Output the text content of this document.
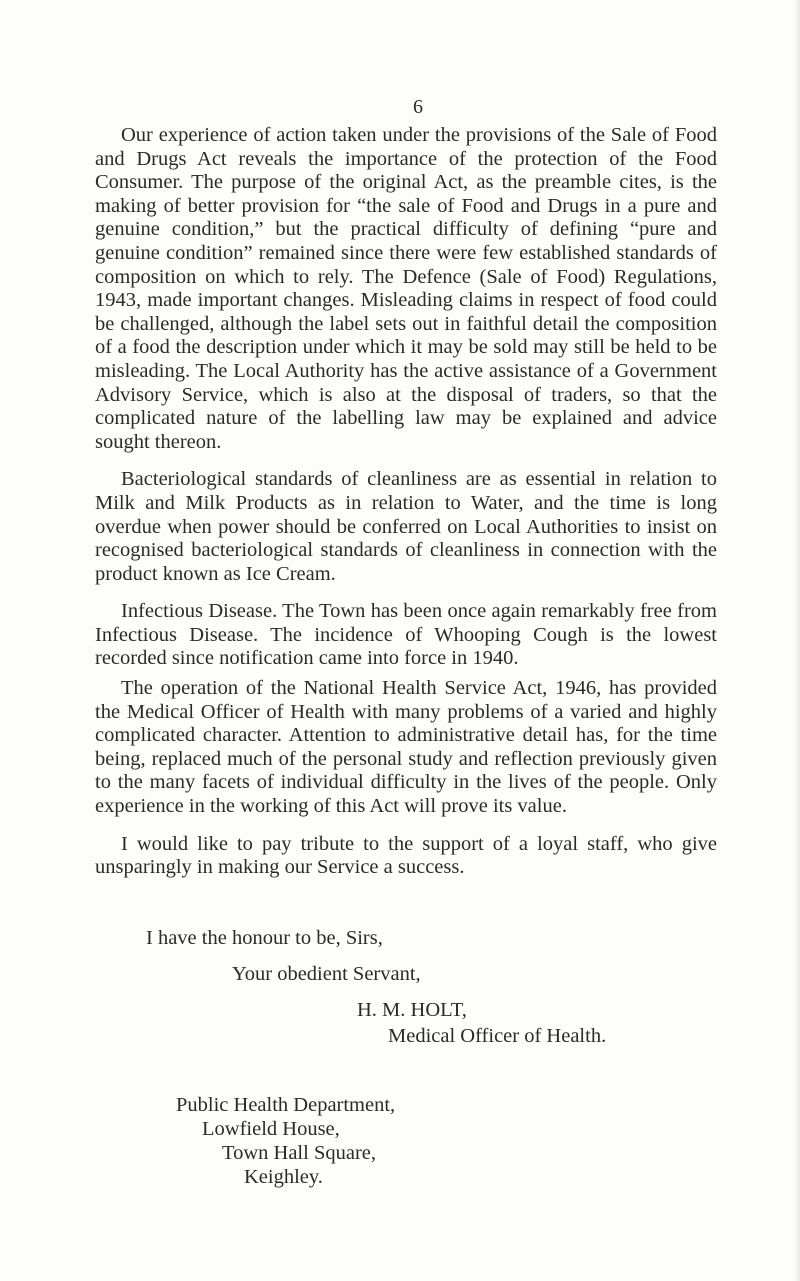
6

Our experience of action taken under the provisions of the Sale of Food and Drugs Act reveals the importance of the protection of the Food Consumer. The purpose of the original Act, as the preamble cites, is the making of better provision for “the sale of Food and Drugs in a pure and genuine condition,” but the practical difficulty of defining “pure and genuine condition” remained since there were few established standards of composition on which to rely. The Defence (Sale of Food) Regulations, 1943, made important changes. Misleading claims in respect of food could be challenged, although the label sets out in faithful detail the composition of a food the description under which it may be sold may still be held to be misleading. The Local Authority has the active assistance of a Government Advisory Service, which is also at the disposal of traders, so that the complicated nature of the labelling law may be explained and advice sought thereon.

Bacteriological standards of cleanliness are as essential in relation to Milk and Milk Products as in relation to Water, and the time is long overdue when power should be conferred on Local Authorities to insist on recognised bacteriological standards of cleanliness in connection with the product known as Ice Cream.

Infectious Disease. The Town has been once again remarkably free from Infectious Disease. The incidence of Whooping Cough is the lowest recorded since notification came into force in 1940.

The operation of the National Health Service Act, 1946, has provided the Medical Officer of Health with many problems of a varied and highly complicated character. Attention to administrative detail has, for the time being, replaced much of the personal study and reflection previously given to the many facets of individual difficulty in the lives of the people. Only experience in the working of this Act will prove its value.

I would like to pay tribute to the support of a loyal staff, who give unsparingly in making our Service a success.

I have the honour to be, Sirs,
Your obedient Servant,
H. M. HOLT,
Medical Officer of Health.
Public Health Department,
Lowfield House,
Town Hall Square,
Keighley.
